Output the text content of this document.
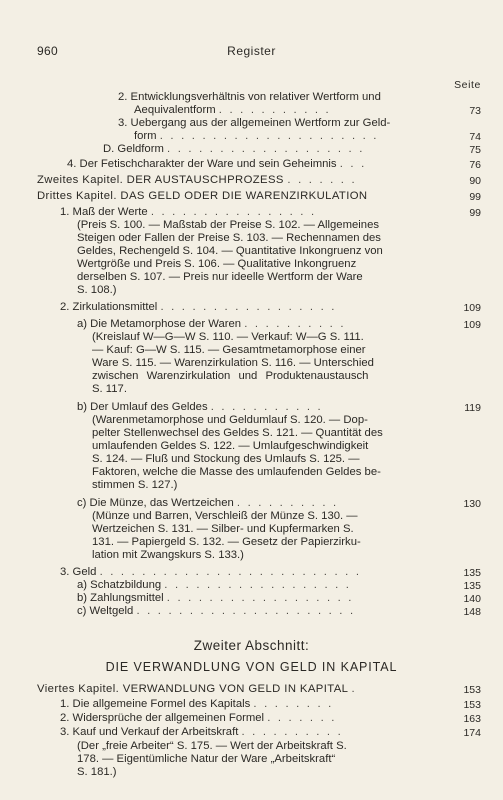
960	Register
Seite
2. Entwicklungsverhältnis von relativer Wertform und
Aequivalentform . . . . . . . . . . .	73
3. Uebergang aus der allgemeinen Wertform zur Geld-
form . . . . . . . . . . . . . . . . . . . . .	74
D. Geldform . . . . . . . . . . . . . . . . . . .	75
4. Der Fetischcharakter der Ware und sein Geheimnis . . .	76
Zweites Kapitel. DER AUSTAUSCHPROZESS . . . . . . .	90
Drittes Kapitel. DAS GELD ODER DIE WARENZIRKULATION	99
1. Maß der Werte . . . . . . . . . . . . . . . .	99
(Preis S. 100. — Maßstab der Preise S. 102. — Allgemeines
Steigen oder Fallen der Preise S. 103. — Rechennamen des
Geldes, Rechengeld S. 104. — Quantitative Inkongruenz von
Wertgröße und Preis S. 106. — Qualitative Inkongruenz
derselben S. 107. — Preis nur ideelle Wertform der Ware
S. 108.)
2. Zirkulationsmittel . . . . . . . . . . . . . . . . .	109
a) Die Metamorphose der Waren . . . . . . . . . .	109
(Kreislauf W—G—W S. 110. — Verkauf: W—G S. 111.
— Kauf: G—W S. 115. — Gesamtmetamorphose einer
Ware S. 115. — Warenzirkulation S. 116. — Unterschied
zwischen Warenzirkulation und Produktenaustausch
S. 117.
b) Der Umlauf des Geldes . . . . . . . . . . .	119
(Warenmetamorphose und Geldumlauf S. 120. — Dop-
pelter Stellenwechsel des Geldes S. 121. — Quantität des
umlaufenden Geldes S. 122. — Umlaufgeschwindigkeit
S. 124. — Fluß und Stockung des Umlaufs S. 125. —
Faktoren, welche die Masse des umlaufenden Geldes be-
stimmen S. 127.)
c) Die Münze, das Wertzeichen . . . . . . . . . .	130
(Münze und Barren, Verschleiß der Münze S. 130. —
Wertzeichen S. 131. — Silber- und Kupfermarken S.
131. — Papiergeld S. 132. — Gesetz der Papierzirku-
lation mit Zwangskurs S. 133.)
3. Geld . . . . . . . . . . . . . . . . . . . . . . . . .	135
a) Schatzbildung . . . . . . . . . . . . . . . . . .	135
b) Zahlungsmittel . . . . . . . . . . . . . . . . . .	140
c) Weltgeld . . . . . . . . . . . . . . . . . . . . .	148
Zweiter Abschnitt:
DIE VERWANDLUNG VON GELD IN KAPITAL
Viertes Kapitel. VERWANDLUNG VON GELD IN KAPITAL .	153
1. Die allgemeine Formel des Kapitals . . . . . . . .	153
2. Widersprüche der allgemeinen Formel . . . . . . .	163
3. Kauf und Verkauf der Arbeitskraft . . . . . . . . . .	174
(Der „freie Arbeiter“ S. 175. — Wert der Arbeitskraft S.
178. — Eigentümliche Natur der Ware „Arbeitskraft“
S. 181.)
